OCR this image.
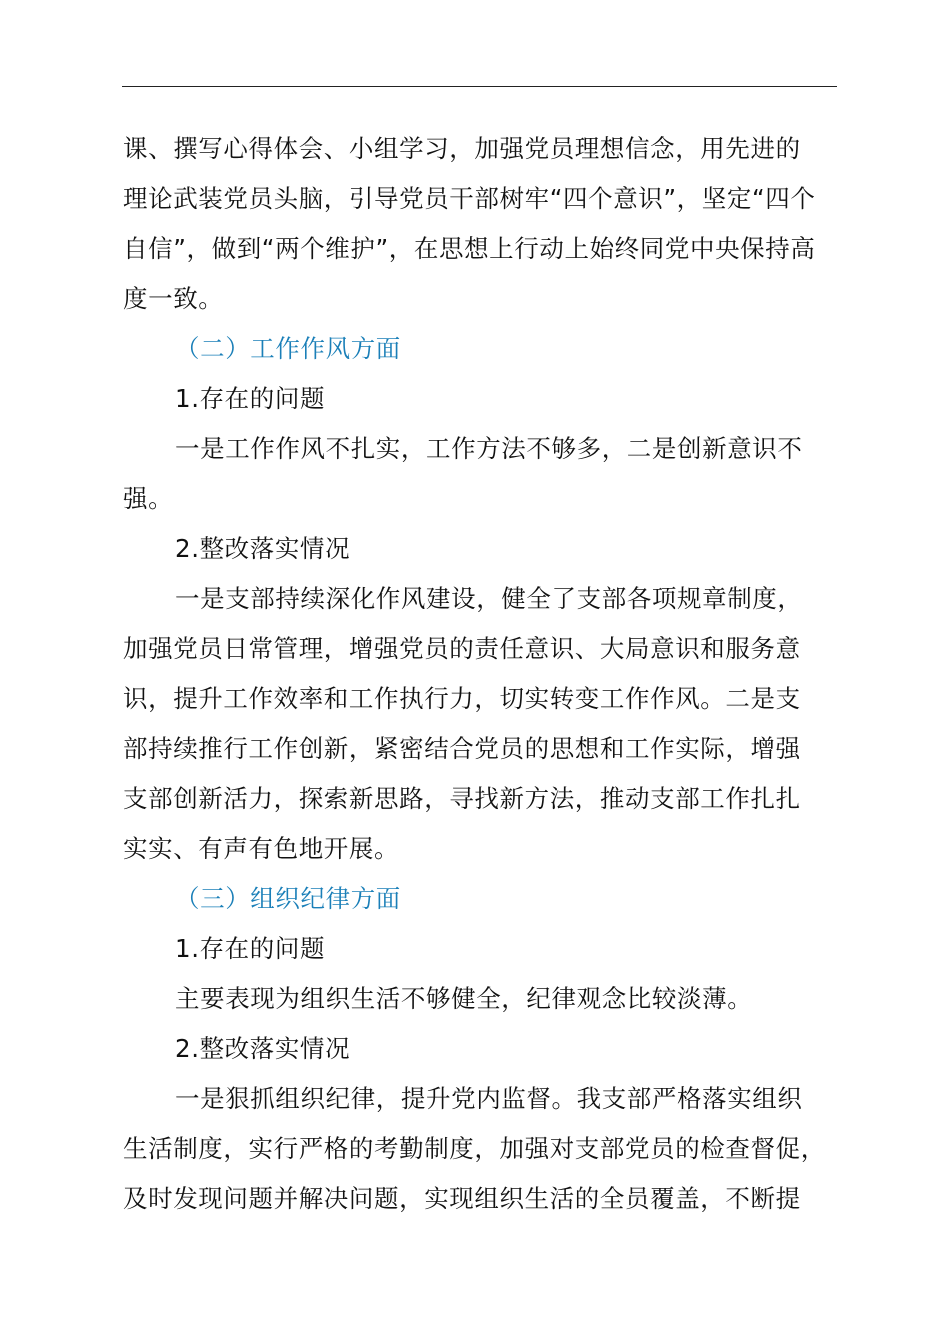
课、撰写心得体会、小组学习，加强党员理想信念，用先进的
理论武装党员头脑，引导党员干部树牢“四个意识”，坚定“四个
自信”，做到“两个维护”，在思想上行动上始终同党中央保持高
度一致。
（二）工作作风方面
1.存在的问题
一是工作作风不扎实，工作方法不够多，二是创新意识不
强。
2.整改落实情况
一是支部持续深化作风建设，健全了支部各项规章制度，
加强党员日常管理，增强党员的责任意识、大局意识和服务意
识，提升工作效率和工作执行力，切实转变工作作风。二是支
部持续推行工作创新，紧密结合党员的思想和工作实际，增强
支部创新活力，探索新思路，寻找新方法，推动支部工作扎扎
实实、有声有色地开展。
（三）组织纪律方面
1.存在的问题
主要表现为组织生活不够健全，纪律观念比较淡薄。
2.整改落实情况
一是狠抓组织纪律，提升党内监督。我支部严格落实组织
生活制度，实行严格的考勤制度，加强对支部党员的检查督促，
及时发现问题并解决问题，实现组织生活的全员覆盖，不断提
